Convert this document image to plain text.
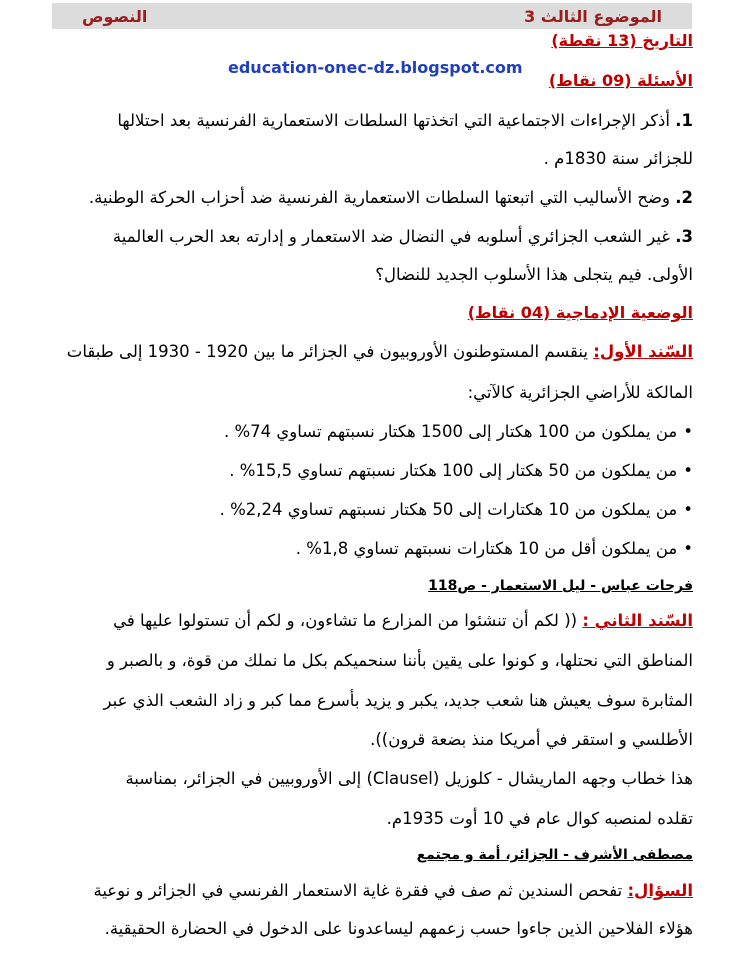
الموضوع الثالث 3
النصوص
التاريخ (13 نقطة)
education-onec-dz.blogspot.com
الأسئلة (09 نقاط)
1. أذكر الإجراءات الاجتماعية التي اتخذتها السلطات الاستعمارية الفرنسية بعد احتلالها
للجزائر سنة 1830م .
2. وضح الأساليب التي اتبعتها السلطات الاستعمارية الفرنسية ضد أحزاب الحركة الوطنية.
3. غير الشعب الجزائري أسلوبه في النضال ضد الاستعمار و إدارته بعد الحرب العالمية
الأولى. فيم يتجلى هذا الأسلوب الجديد للنضال؟
الوضعية الإدماجية (04 نقاط)
السّند الأول: ينقسم المستوطنون الأوروبيون في الجزائر ما بين 1920 - 1930 إلى طبقات
المالكة للأراضي الجزائرية كالآتي:
• من يملكون من 100 هكتار إلى 1500 هكتار نسبتهم تساوي 74% .
• من يملكون من 50 هكتار إلى 100 هكتار نسبتهم تساوي 15,5% .
• من يملكون من 10 هكتارات إلى 50 هكتار نسبتهم تساوي 2,24% .
• من يملكون أقل من 10 هكتارات نسبتهم تساوي 1,8% .
فرحات عباس - ليل الاستعمار - ص118
السّند الثاني : (( لكم أن تنشئوا من المزارع ما تشاءون، و لكم أن تستولوا عليها في
المناطق التي نحتلها، و كونوا على يقين بأننا سنحميكم بكل ما نملك من قوة، و بالصبر و
المثابرة سوف يعيش هنا شعب جديد، يكبر و يزيد بأسرع مما كبر و زاد الشعب الذي عبر
الأطلسي و استقر في أمريكا منذ بضعة قرون)).
هذا خطاب وجهه الماريشال - كلوزيل (Clausel) إلى الأوروبيين في الجزائر، بمناسبة
تقلده لمنصبه كوال عام في 10 أوت 1935م.
مصطفى الأشرف - الجزائر، أمة و مجتمع
السؤال: تفحص السندين ثم صف في فقرة غاية الاستعمار الفرنسي في الجزائر و نوعية
هؤلاء الفلاحين الذين جاءوا حسب زعمهم ليساعدونا على الدخول في الحضارة الحقيقية.
